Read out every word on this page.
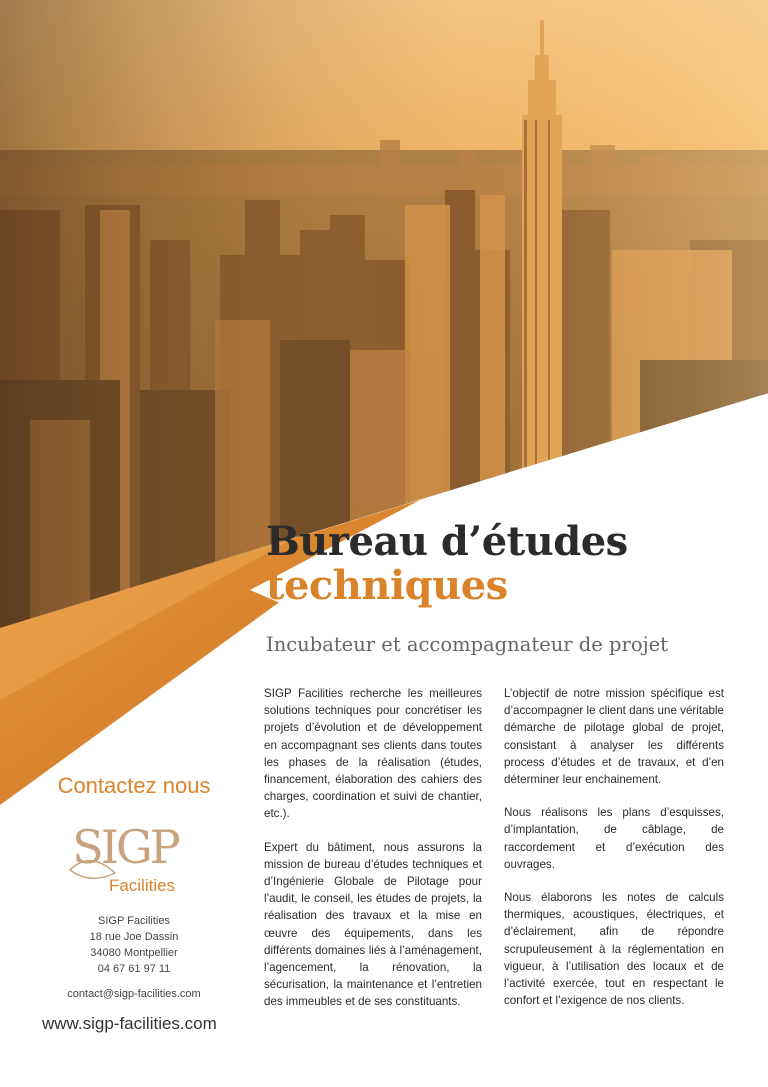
Bureau d’études
techniques
Incubateur et accompagnateur de projet

SIGP Facilities recherche les meilleures solutions techniques pour concrétiser les projets d’évolution et de développement en accompagnant ses clients dans toutes les phases de la réalisation (études, financement, élaboration des cahiers des charges, coordination et suivi de chantier, etc.).

Expert du bâtiment, nous assurons la mission de bureau d’études techniques et d’Ingénierie Globale de Pilotage pour l’audit, le conseil, les études de projets, la réalisation des travaux et la mise en œuvre des équipements, dans les différents domaines liés à l’aménagement, l’agencement, la rénovation, la sécurisation, la maintenance et l’entretien des immeubles et de ses constituants.

L’objectif de notre mission spécifique est d’accompagner le client dans une véritable démarche de pilotage global de projet, consistant à analyser les différents process d’études et de travaux, et d’en déterminer leur enchainement.

Nous réalisons les plans d’esquisses, d’implantation, de câblage, de raccordement et d’exécution des ouvrages.

Nous élaborons les notes de calculs thermiques, acoustiques, électriques, et d’éclairement, afin de répondre scrupuleusement à la réglementation en vigueur, à l’utilisation des locaux et de l’activité exercée, tout en respectant le confort et l’exigence de nos clients.

Contactez nous
SIGP
Facilities
SIGP Facilities
18 rue Joe Dassin
34080 Montpellier
04 67 61 97 11
contact@sigp-facilities.com
www.sigp-facilities.com
